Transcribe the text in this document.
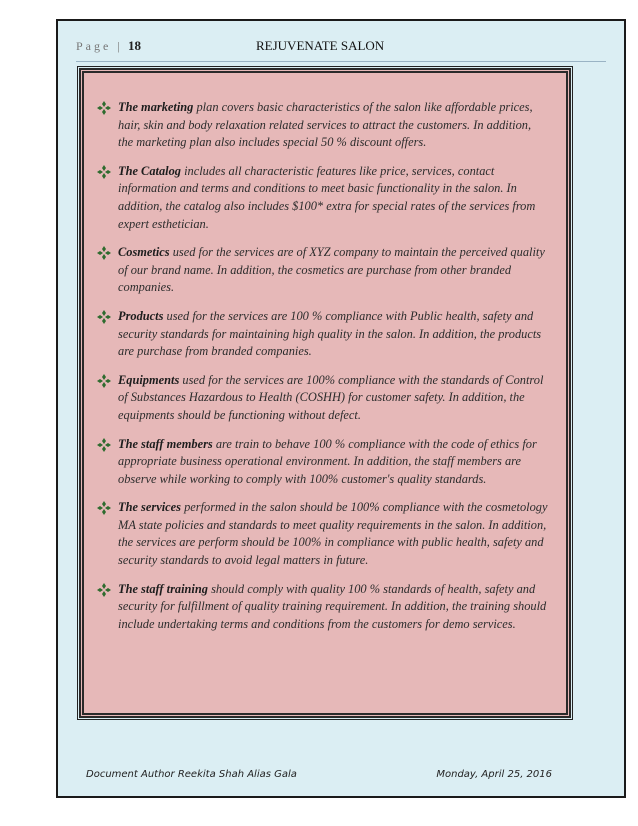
Page | 18	REJUVENATE SALON
The marketing plan covers basic characteristics of the salon like affordable prices, hair, skin and body relaxation related services to attract the customers. In addition, the marketing plan also includes special 50 % discount offers.
The Catalog includes all characteristic features like price, services, contact information and terms and conditions to meet basic functionality in the salon. In addition, the catalog also includes $100* extra for special rates of the services from expert esthetician.
Cosmetics used for the services are of XYZ company to maintain the perceived quality of our brand name. In addition, the cosmetics are purchase from other branded companies.
Products used for the services are 100 % compliance with Public health, safety and security standards for maintaining high quality in the salon. In addition, the products are purchase from branded companies.
Equipments used for the services are 100% compliance with the standards of Control of Substances Hazardous to Health (COSHH) for customer safety. In addition, the equipments should be functioning without defect.
The staff members are train to behave 100 % compliance with the code of ethics for appropriate business operational environment. In addition, the staff members are observe while working to comply with 100% customer's quality standards.
The services performed in the salon should be 100% compliance with the cosmetology MA state policies and standards to meet quality requirements in the salon. In addition, the services are perform should be 100% in compliance with public health, safety and security standards to avoid legal matters in future.
The staff training should comply with quality 100 % standards of health, safety and security for fulfillment of quality training requirement. In addition, the training should include undertaking terms and conditions from the customers for demo services.
Document Author Reekita Shah Alias Gala	Monday, April 25, 2016
